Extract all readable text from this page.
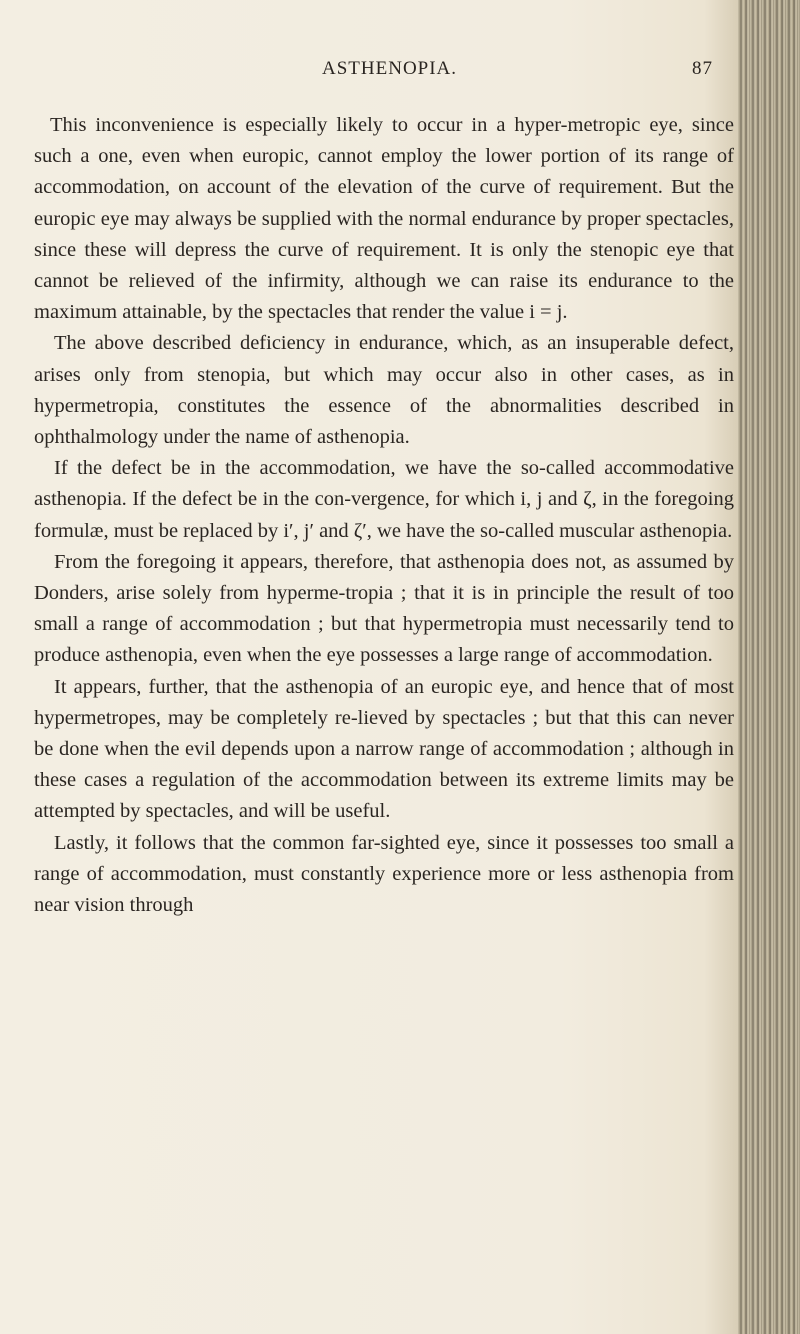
ASTHENOPIA.	87

This inconvenience is especially likely to occur in a hyper-metropic eye, since such a one, even when europic, cannot employ the lower portion of its range of accommodation, on account of the elevation of the curve of requirement. But the europic eye may always be supplied with the normal endurance by proper spectacles, since these will depress the curve of requirement. It is only the stenopic eye that cannot be relieved of the infirmity, although we can raise its endurance to the maximum attainable, by the spectacles that render the value i = j.

The above described deficiency in endurance, which, as an insuperable defect, arises only from stenopia, but which may occur also in other cases, as in hypermetropia, constitutes the essence of the abnormalities described in ophthalmology under the name of asthenopia.

If the defect be in the accommodation, we have the so-called accommodative asthenopia. If the defect be in the con-vergence, for which i, j and ζ, in the foregoing formulæ, must be replaced by i′, j′ and ζ′, we have the so-called muscular asthenopia.

From the foregoing it appears, therefore, that asthenopia does not, as assumed by Donders, arise solely from hyperme-tropia ; that it is in principle the result of too small a range of accommodation ; but that hypermetropia must necessarily tend to produce asthenopia, even when the eye possesses a large range of accommodation.

It appears, further, that the asthenopia of an europic eye, and hence that of most hypermetropes, may be completely re-lieved by spectacles ; but that this can never be done when the evil depends upon a narrow range of accommodation ; although in these cases a regulation of the accommodation between its extreme limits may be attempted by spectacles, and will be useful.

Lastly, it follows that the common far-sighted eye, since it possesses too small a range of accommodation, must constantly experience more or less asthenopia from near vision through
